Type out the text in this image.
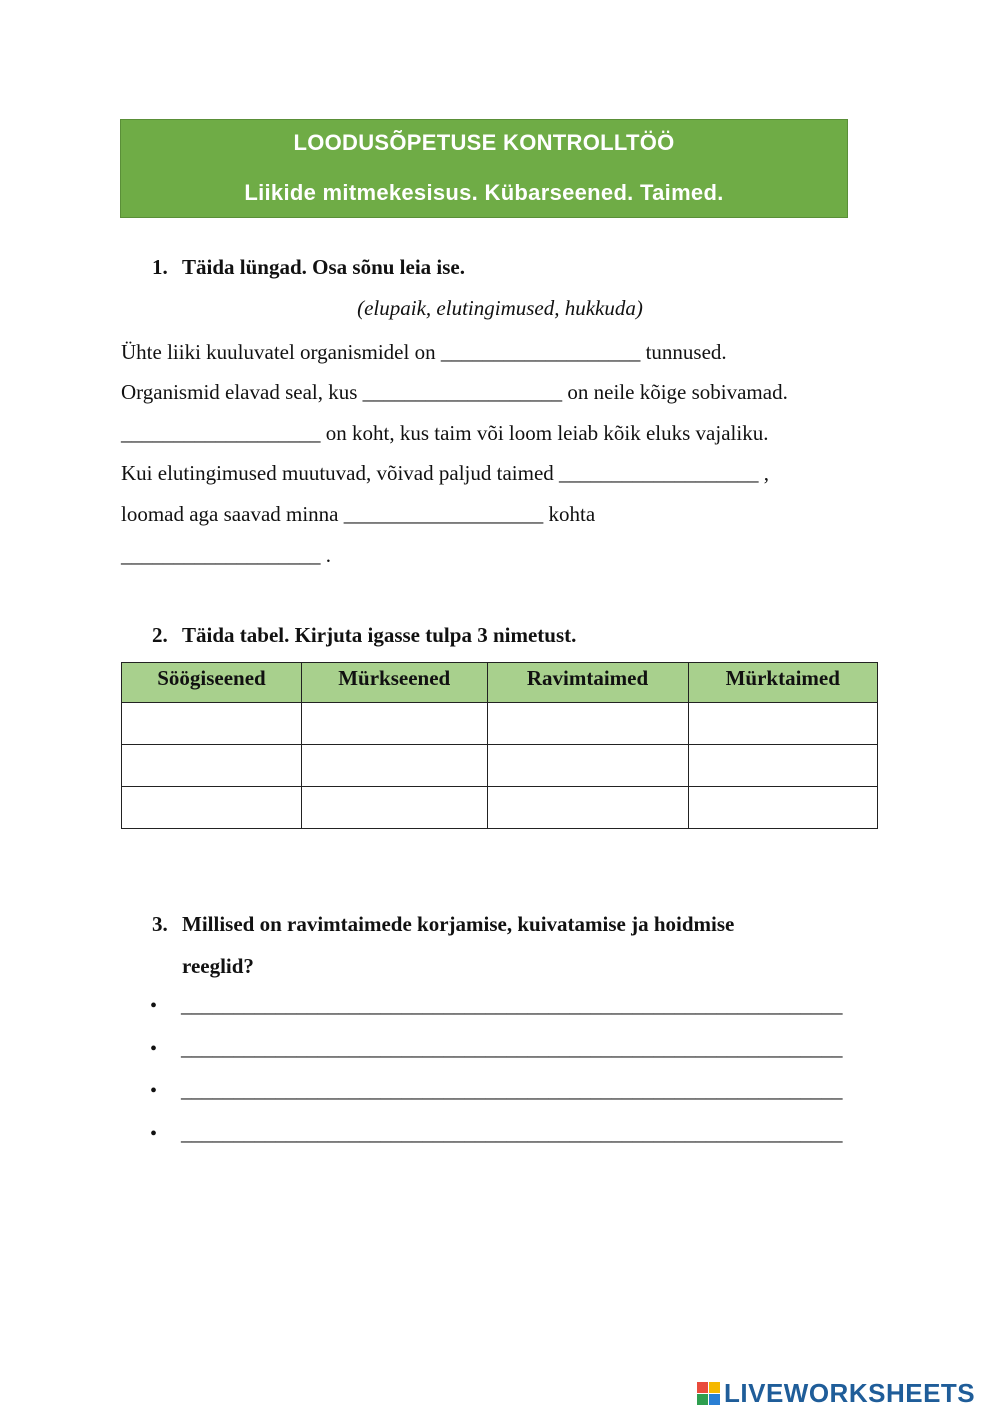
LOODUSÕPETUSE KONTROLLTÖÖ
Liikide mitmekesisus. Kübarseened. Taimed.
1. Täida lüngad. Osa sõnu leia ise.
(elupaik, elutingimused, hukkuda)
Ühte liiki kuuluvatel organismidel on ___________________ tunnused.
Organismid elavad seal, kus ___________________ on neile kõige sobivamad.
___________________ on koht, kus taim või loom leiab kõik eluks vajaliku.
Kui elutingimused muutuvad, võivad paljud taimed ___________________ ,
loomad aga saavad minna ___________________ kohta
___________________ .
2. Täida tabel. Kirjuta igasse tulpa 3 nimetust.
Söögiseened	Mürkseened	Ravimtaimed	Mürktaimed

3. Millised on ravimtaimede korjamise, kuivatamise ja hoidmise
reeglid?
• _______________________________________________________________
• _______________________________________________________________
• _______________________________________________________________
• _______________________________________________________________
LIVEWORKSHEETS
